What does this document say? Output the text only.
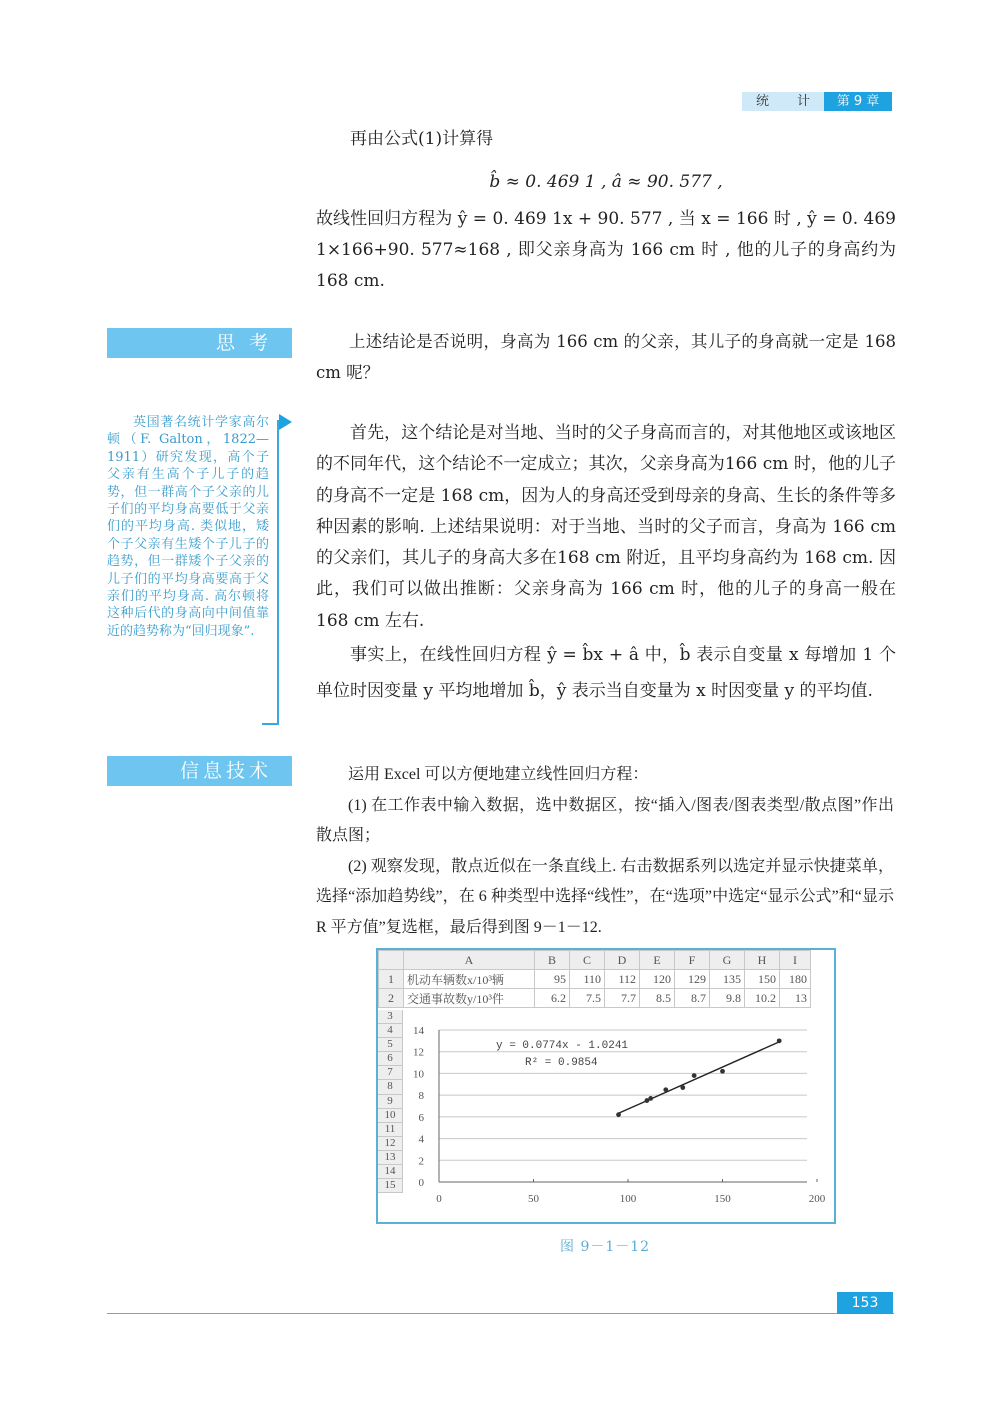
统 计	第 9 章

再由公式(1)计算得

b̂ ≈ 0. 469 1 , â ≈ 90. 577 ,

故线性回归方程为 ŷ = 0. 469 1x + 90. 577 , 当 x = 166 时 , ŷ = 0. 469 1×166+90. 577≈168 , 即父亲身高为 166 cm 时 , 他的儿子的身高约为 168 cm.

思 考	上述结论是否说明，身高为 166 cm 的父亲，其儿子的身高就一定是 168 cm 呢？

英国著名统计学家高尔顿（F. Galton，1822—1911）研究发现，高个子父亲有生高个子儿子的趋势，但一群高个子父亲的儿子们的平均身高要低于父亲们的平均身高. 类似地，矮个子父亲有生矮个子儿子的趋势，但一群矮个子父亲的儿子们的平均身高要高于父亲们的平均身高. 高尔顿将这种后代的身高向中间值靠近的趋势称为“回归现象”.

首先，这个结论是对当地、当时的父子身高而言的，对其他地区或该地区的不同年代，这个结论不一定成立；其次，父亲身高为166 cm 时，他的儿子的身高不一定是 168 cm，因为人的身高还受到母亲的身高、生长的条件等多种因素的影响. 上述结果说明：对于当地、当时的父子而言，身高为 166 cm 的父亲们，其儿子的身高大多在168 cm 附近，且平均身高约为 168 cm. 因此，我们可以做出推断：父亲身高为 166 cm 时，他的儿子的身高一般在 168 cm 左右.

事实上，在线性回归方程 ŷ = b̂x + â 中，b̂ 表示自变量 x 每增加 1 个单位时因变量 y 平均地增加 b̂，ŷ 表示当自变量为 x 时因变量 y 的平均值.

信息技术	运用 Excel 可以方便地建立线性回归方程：

(1) 在工作表中输入数据，选中数据区，按“插入/图表/图表类型/散点图”作出散点图；

(2) 观察发现，散点近似在一条直线上. 右击数据系列以选定并显示快捷菜单，选择“添加趋势线”，在 6 种类型中选择“线性”，在“选项”中选定“显示公式”和“显示 R 平方值”复选框，最后得到图 9－1－12.

	A	B	C	D	E	F	G	H	I
1	机动车辆数x/10³辆	95	110	112	120	129	135	150	180
2	交通事故数y/10³件	6.2	7.5	7.7	8.5	8.7	9.8	10.2	13
3
4
5
6
7
8
9
10
11
12
13
14
15
y = 0.0774x - 1.0241
R² = 0.9854
0
2
4
6
8
10
12
14
0	50	100	150	200
图 9－1－12
153
